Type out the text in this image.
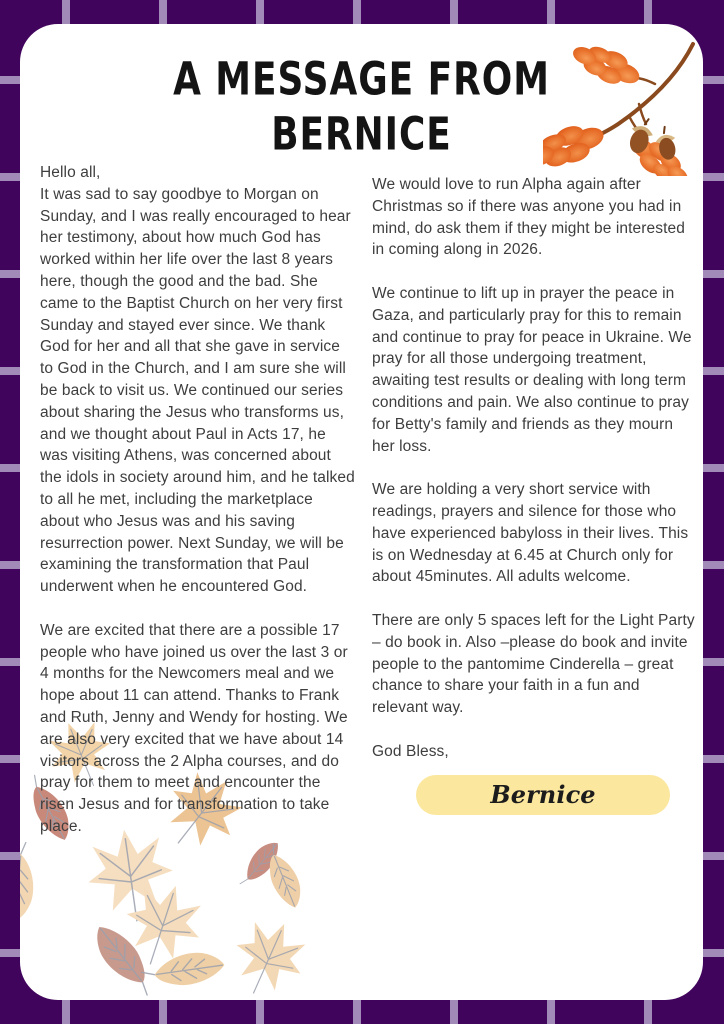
A MESSAGE FROM
BERNICE

Hello all,

It was sad to say goodbye to Morgan on Sunday, and I was really encouraged to hear her testimony, about how much God has worked within her life over the last 8 years here, though the good and the bad. She came to the Baptist Church on her very first Sunday and stayed ever since. We thank God for her and all that she gave in service to God in the Church, and I am sure she will be back to visit us. We continued our series about sharing the Jesus who transforms us, and we thought about Paul in Acts 17, he was visiting Athens, was concerned about the idols in society around him, and he talked to all he met, including the marketplace about who Jesus was and his saving resurrection power. Next Sunday, we will be examining the transformation that Paul underwent when he encountered God.

We are excited that there are a possible 17 people who have joined us over the last 3 or 4 months for the Newcomers meal and we hope about 11 can attend. Thanks to Frank and Ruth, Jenny and Wendy for hosting. We are also very excited that we have about 14 visitors across the 2 Alpha courses, and do pray for them to meet and encounter the risen Jesus and for transformation to take place.

We would love to run Alpha again after Christmas so if there was anyone you had in mind, do ask them if they might be interested in coming along in 2026.

We continue to lift up in prayer the peace in Gaza, and particularly pray for this to remain and continue to pray for peace in Ukraine. We pray for all those undergoing treatment, awaiting test results or dealing with long term conditions and pain. We also continue to pray for Betty's family and friends as they mourn her loss.

We are holding a very short service with readings, prayers and silence for those who have experienced babyloss in their lives. This is on Wednesday at 6.45 at Church only for about 45minutes. All adults welcome.

There are only 5 spaces left for the Light Party – do book in. Also –please do book and invite people to the pantomime Cinderella – great chance to share your faith in a fun and relevant way.

God Bless,

Bernice
